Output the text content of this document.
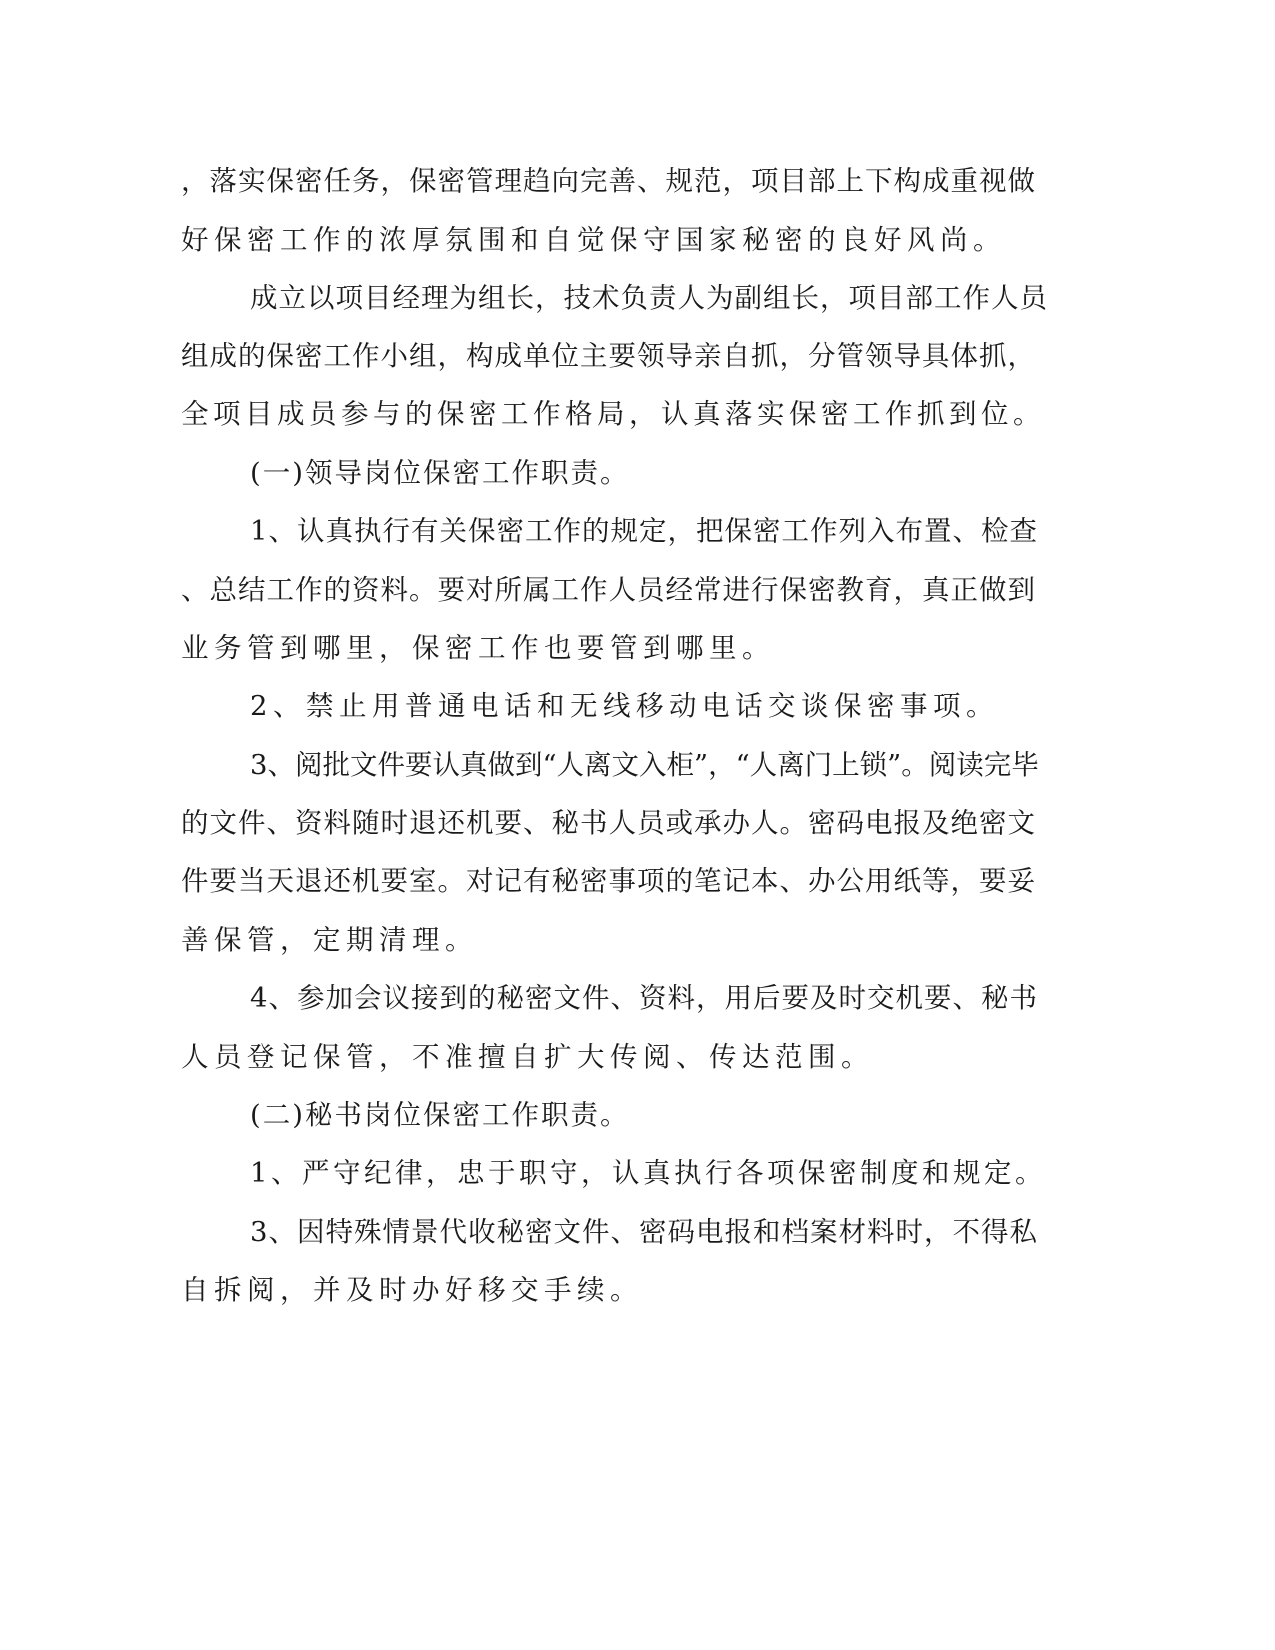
，落实保密任务，保密管理趋向完善、规范，项目部上下构成重视做
好保密工作的浓厚氛围和自觉保守国家秘密的良好风尚。
成立以项目经理为组长，技术负责人为副组长，项目部工作人员
组成的保密工作小组，构成单位主要领导亲自抓，分管领导具体抓，
全项目成员参与的保密工作格局，认真落实保密工作抓到位。
(一)领导岗位保密工作职责。
1、认真执行有关保密工作的规定，把保密工作列入布置、检查
、总结工作的资料。要对所属工作人员经常进行保密教育，真正做到
业务管到哪里，保密工作也要管到哪里。
2、禁止用普通电话和无线移动电话交谈保密事项。
3、阅批文件要认真做到“人离文入柜”，“人离门上锁”。阅读完毕
的文件、资料随时退还机要、秘书人员或承办人。密码电报及绝密文
件要当天退还机要室。对记有秘密事项的笔记本、办公用纸等，要妥
善保管，定期清理。
4、参加会议接到的秘密文件、资料，用后要及时交机要、秘书
人员登记保管，不准擅自扩大传阅、传达范围。
(二)秘书岗位保密工作职责。
1、严守纪律，忠于职守，认真执行各项保密制度和规定。
3、因特殊情景代收秘密文件、密码电报和档案材料时，不得私
自拆阅，并及时办好移交手续。
